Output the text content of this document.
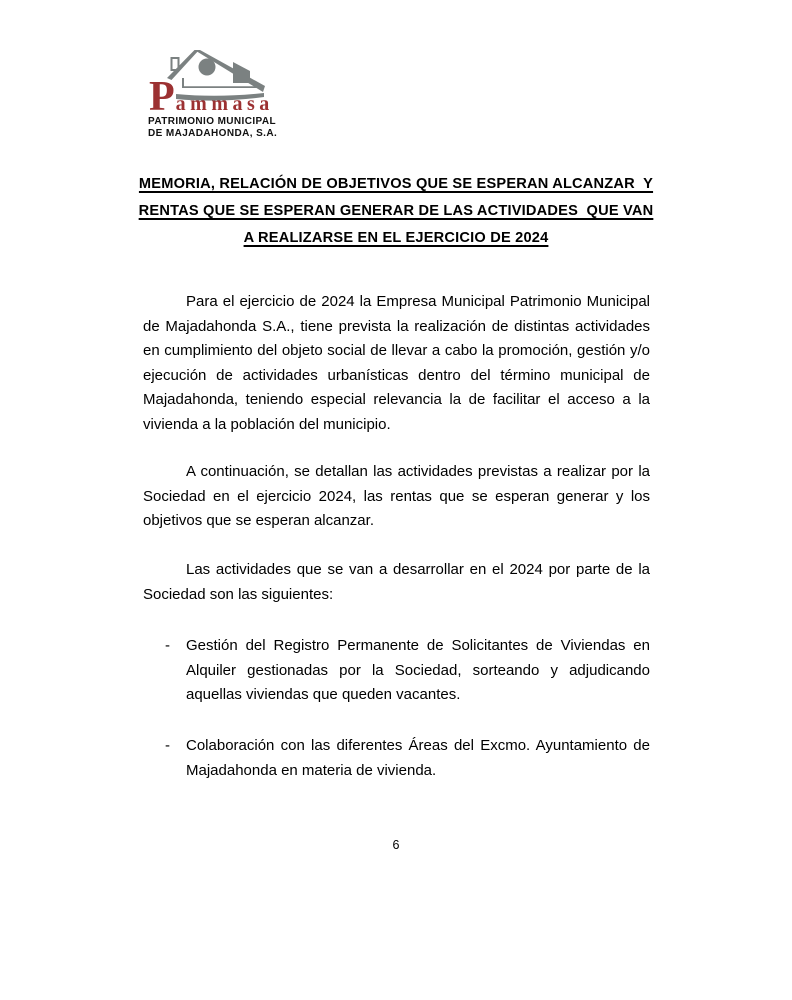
P ammasa
PATRIMONIO MUNICIPAL
DE MAJADAHONDA, S.A.
MEMORIA, RELACIÓN DE OBJETIVOS QUE SE ESPERAN ALCANZAR  Y
RENTAS QUE SE ESPERAN GENERAR DE LAS ACTIVIDADES  QUE VAN
A REALIZARSE EN EL EJERCICIO DE 2024

Para el ejercicio de 2024 la Empresa Municipal Patrimonio Municipal de Majadahonda S.A., tiene prevista la realización de distintas actividades en cumplimiento del objeto social de llevar a cabo la promoción, gestión y/o ejecución de actividades urbanísticas dentro del término municipal de Majadahonda, teniendo especial relevancia la de facilitar el acceso a la vivienda a la población del municipio.

A continuación, se detallan las actividades previstas a realizar por la Sociedad en el ejercicio 2024, las rentas que se esperan generar y los objetivos que se esperan alcanzar.

Las actividades que se van a desarrollar en el 2024 por parte de la Sociedad son las siguientes:

- Gestión del Registro Permanente de Solicitantes de Viviendas en Alquiler gestionadas por la Sociedad, sorteando y adjudicando aquellas viviendas que queden vacantes.
- Colaboración con las diferentes Áreas del Excmo. Ayuntamiento de Majadahonda en materia de vivienda.
6
